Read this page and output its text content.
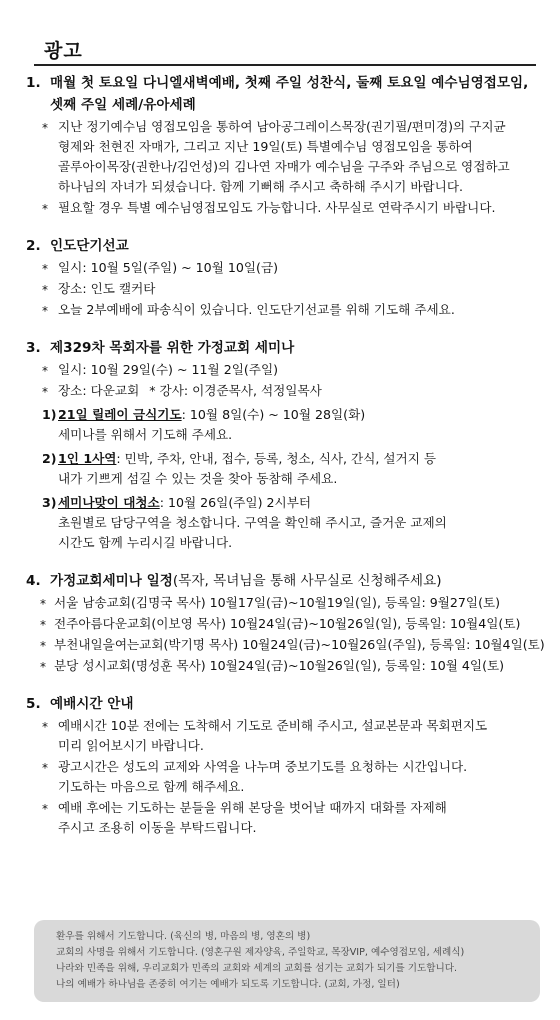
광고
1. 매월 첫 토요일 다니엘새벽예배, 첫째 주일 성찬식, 둘째 토요일 예수님영접모임,
셋째 주일 세례/유아세례
* 지난 정기예수님 영접모임을 통하여 남아공그레이스목장(권기필/편미경)의 구지균
형제와 천현진 자매가, 그리고 지난 19일(토) 특별예수님 영접모임을 통하여
골루아이목장(권한나/김언성)의 김나연 자매가 예수님을 구주와 주님으로 영접하고
하나님의 자녀가 되셨습니다. 함께 기뻐해 주시고 축하해 주시기 바랍니다.
* 필요할 경우 특별 예수님영접모임도 가능합니다. 사무실로 연락주시기 바랍니다.
2. 인도단기선교
* 일시: 10월 5일(주일) ~ 10월 10일(금)
* 장소: 인도 캘커타
* 오늘 2부예배에 파송식이 있습니다. 인도단기선교를 위해 기도해 주세요.
3. 제329차 목회자를 위한 가정교회 세미나
* 일시: 10월 29일(수) ~ 11월 2일(주일)
* 장소: 다운교회 * 강사: 이경준목사, 석정일목사
1) 21일 릴레이 금식기도: 10월 8일(수) ~ 10월 28일(화)
세미나를 위해서 기도해 주세요.
2) 1인 1사역: 민박, 주차, 안내, 접수, 등록, 청소, 식사, 간식, 설거지 등
내가 기쁘게 섬길 수 있는 것을 찾아 동참해 주세요.
3) 세미나맞이 대청소: 10월 26일(주일) 2시부터
초원별로 담당구역을 청소합니다. 구역을 확인해 주시고, 즐거운 교제의
시간도 함께 누리시길 바랍니다.
4. 가정교회세미나 일정(목자, 목녀님을 통해 사무실로 신청해주세요)
* 서울 남송교회(김명국 목사) 10월17일(금)~10월19일(일), 등록일: 9월27일(토)
* 전주아름다운교회(이보영 목사) 10월24일(금)~10월26일(일), 등록일: 10월4일(토)
* 부천내일을여는교회(박기명 목사) 10월24일(금)~10월26일(주일), 등록일: 10월4일(토)
* 분당 성시교회(명성훈 목사) 10월24일(금)~10월26일(일), 등록일: 10월 4일(토)
5. 예배시간 안내
* 예배시간 10분 전에는 도착해서 기도로 준비해 주시고, 설교본문과 목회편지도
미리 읽어보시기 바랍니다.
* 광고시간은 성도의 교제와 사역을 나누며 중보기도를 요청하는 시간입니다.
기도하는 마음으로 함께 해주세요.
* 예배 후에는 기도하는 분들을 위해 본당을 벗어날 때까지 대화를 자제해
주시고 조용히 이동을 부탁드립니다.
환우를 위해서 기도합니다. (육신의 병, 마음의 병, 영혼의 병)
교회의 사명을 위해서 기도합니다. (영혼구원 제자양육, 주일학교, 목장VIP, 예수영접모임, 세례식)
나라와 민족을 위해, 우리교회가 민족의 교회와 세계의 교회를 섬기는 교회가 되기를 기도합니다.
나의 예배가 하나님을 존중히 여기는 예배가 되도록 기도합니다. (교회, 가정, 일터)
